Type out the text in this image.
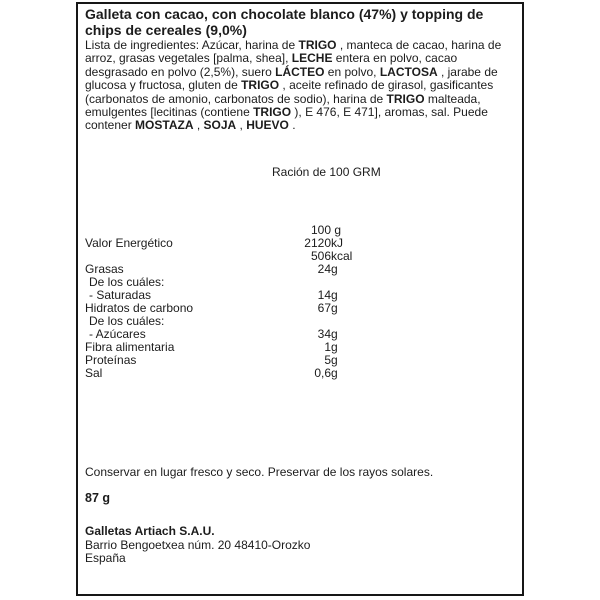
Galleta con cacao, con chocolate blanco (47%) y topping de chips de cereales (9,0%)
Lista de ingredientes: Azúcar, harina de TRIGO , manteca de cacao, harina de arroz, grasas vegetales [palma, shea], LECHE entera en polvo, cacao desgrasado en polvo (2,5%), suero LÁCTEO en polvo, LACTOSA , jarabe de glucosa y fructosa, gluten de TRIGO , aceite refinado de girasol, gasificantes (carbonatos de amonio, carbonatos de sodio), harina de TRIGO malteada, emulgentes [lecitinas (contiene TRIGO ), E 476, E 471], aromas, sal. Puede contener MOSTAZA , SOJA , HUEVO .
Ración de 100 GRM
100 g
Valor Energético	2120 kJ
506 kcal
Grasas	24 g
De los cuáles:
- Saturadas	14 g
Hidratos de carbono	67 g
De los cuáles:
- Azúcares	34 g
Fibra alimentaria	1 g
Proteínas	5 g
Sal	0,6 g
Conservar en lugar fresco y seco. Preservar de los rayos solares.
87 g
Galletas Artiach S.A.U.
Barrio Bengoetxea núm. 20 48410-Orozko
España
